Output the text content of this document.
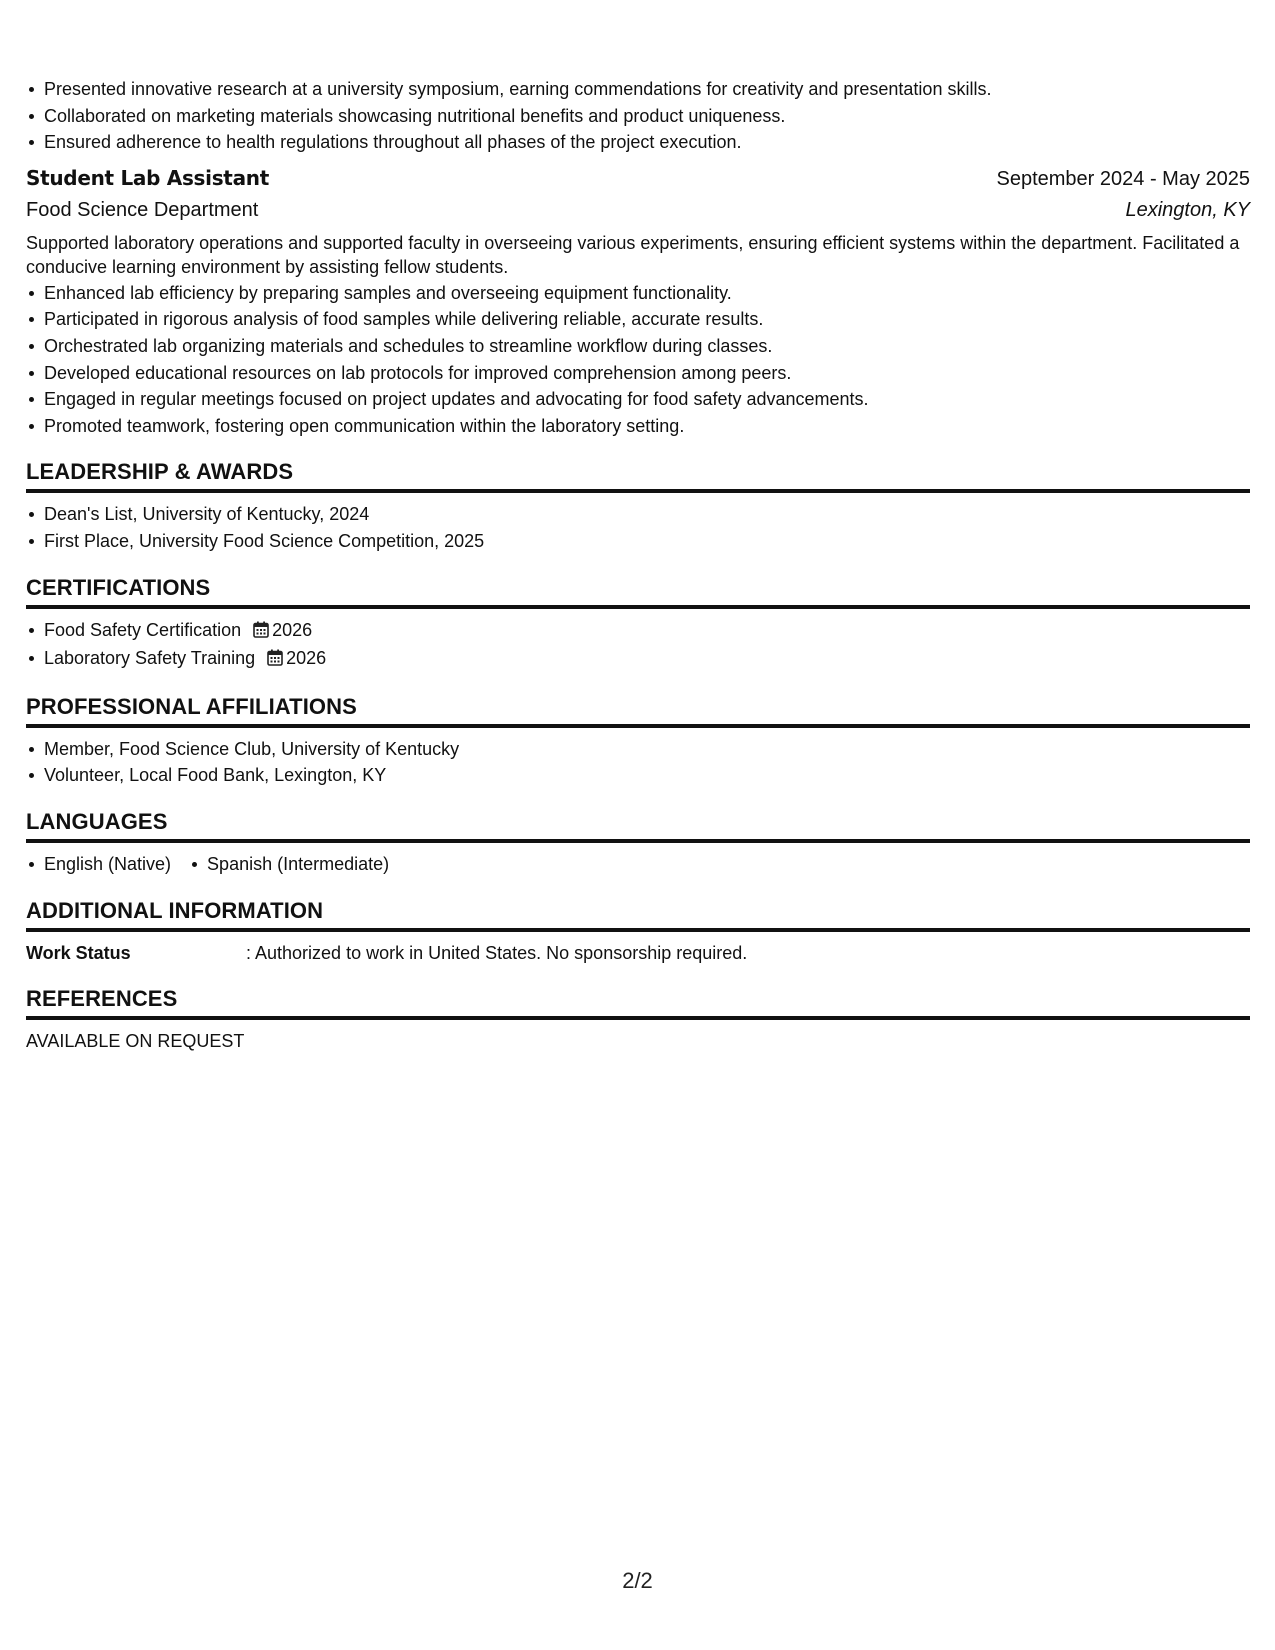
Presented innovative research at a university symposium, earning commendations for creativity and presentation skills.
Collaborated on marketing materials showcasing nutritional benefits and product uniqueness.
Ensured adherence to health regulations throughout all phases of the project execution.
Student Lab Assistant	September 2024 - May 2025
Food Science Department	Lexington, KY
Supported laboratory operations and supported faculty in overseeing various experiments, ensuring efficient systems within the department. Facilitated a conducive learning environment by assisting fellow students.
Enhanced lab efficiency by preparing samples and overseeing equipment functionality.
Participated in rigorous analysis of food samples while delivering reliable, accurate results.
Orchestrated lab organizing materials and schedules to streamline workflow during classes.
Developed educational resources on lab protocols for improved comprehension among peers.
Engaged in regular meetings focused on project updates and advocating for food safety advancements.
Promoted teamwork, fostering open communication within the laboratory setting.
LEADERSHIP & AWARDS
Dean's List, University of Kentucky, 2024
First Place, University Food Science Competition, 2025
CERTIFICATIONS
Food Safety Certification 2026
Laboratory Safety Training 2026
PROFESSIONAL AFFILIATIONS
Member, Food Science Club, University of Kentucky
Volunteer, Local Food Bank, Lexington, KY
LANGUAGES
English (Native)	Spanish (Intermediate)
ADDITIONAL INFORMATION
Work Status	: Authorized to work in United States. No sponsorship required.
REFERENCES
AVAILABLE ON REQUEST
2/2
